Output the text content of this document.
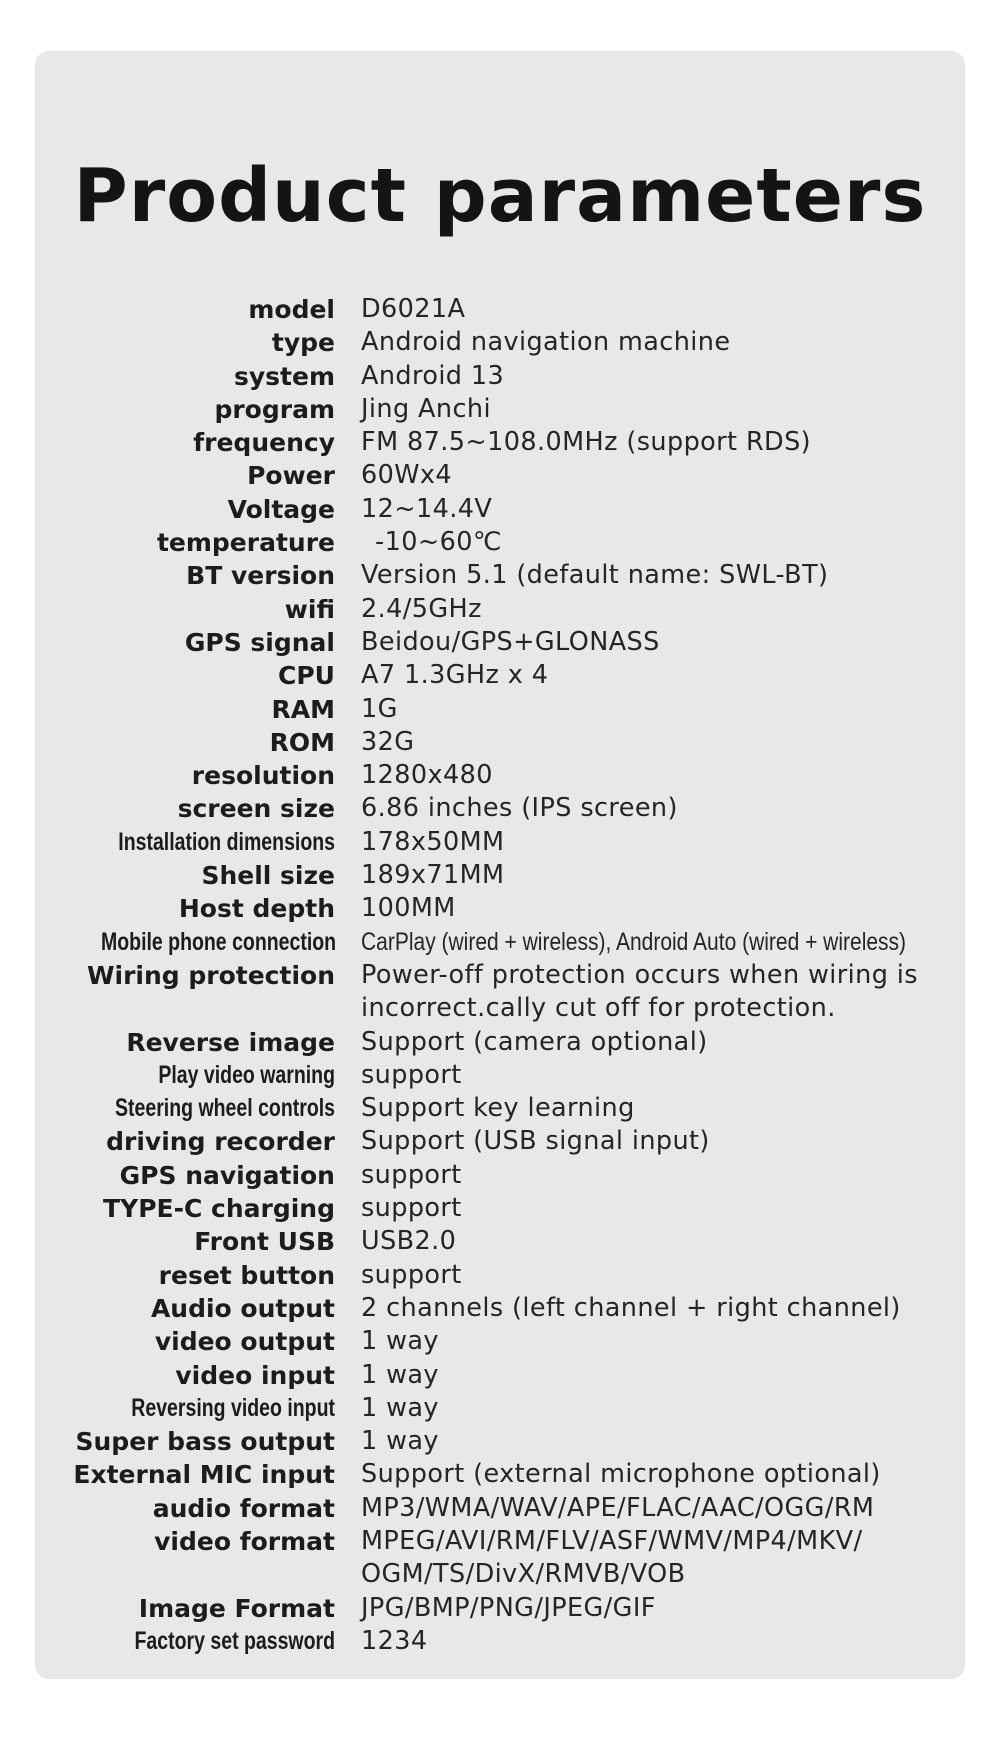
Product parameters
model D6021A
type Android navigation machine
system Android 13
program Jing Anchi
frequency FM 87.5~108.0MHz (support RDS)
Power 60Wx4
Voltage 12~14.4V
temperature	-10~60℃
BT version Version 5.1 (default name: SWL-BT)
wifi 2.4/5GHz
GPS signal Beidou/GPS+GLONASS
CPU A7 1.3GHz x 4
RAM 1G
ROM 32G
resolution 1280x480
screen size 6.86 inches (IPS screen)
Installation dimensions 178x50MM
Shell size 189x71MM
Host depth 100MM
Mobile phone connection CarPlay (wired + wireless), Android Auto (wired + wireless)
Wiring protection Power-off protection occurs when wiring is
incorrect.cally cut off for protection.
Reverse image Support (camera optional)
Play video warning support
Steering wheel controls Support key learning
driving recorder Support (USB signal input)
GPS navigation support
TYPE-C charging support
Front USB USB2.0
reset button support
Audio output 2 channels (left channel + right channel)
video output 1 way
video input 1 way
Reversing video input 1 way
Super bass output 1 way
External MIC input Support (external microphone optional)
audio format MP3/WMA/WAV/APE/FLAC/AAC/OGG/RM
video format MPEG/AVI/RM/FLV/ASF/WMV/MP4/MKV/
OGM/TS/DivX/RMVB/VOB
Image Format JPG/BMP/PNG/JPEG/GIF
Factory set password 1234
